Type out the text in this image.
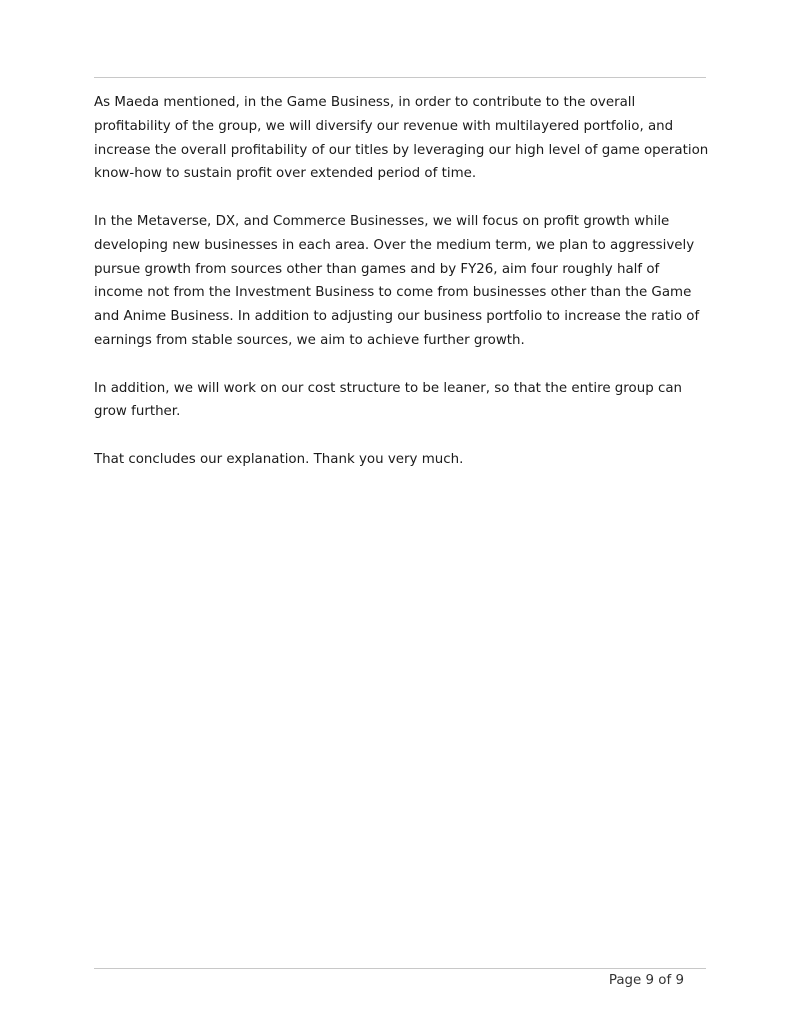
As Maeda mentioned, in the Game Business, in order to contribute to the overall profitability of the group, we will diversify our revenue with multilayered portfolio, and increase the overall profitability of our titles by leveraging our high level of game operation know-how to sustain profit over extended period of time.

In the Metaverse, DX, and Commerce Businesses, we will focus on profit growth while developing new businesses in each area. Over the medium term, we plan to aggressively pursue growth from sources other than games and by FY26, aim four roughly half of income not from the Investment Business to come from businesses other than the Game and Anime Business. In addition to adjusting our business portfolio to increase the ratio of earnings from stable sources, we aim to achieve further growth.

In addition, we will work on our cost structure to be leaner, so that the entire group can grow further.

That concludes our explanation. Thank you very much.

Page 9 of 9
